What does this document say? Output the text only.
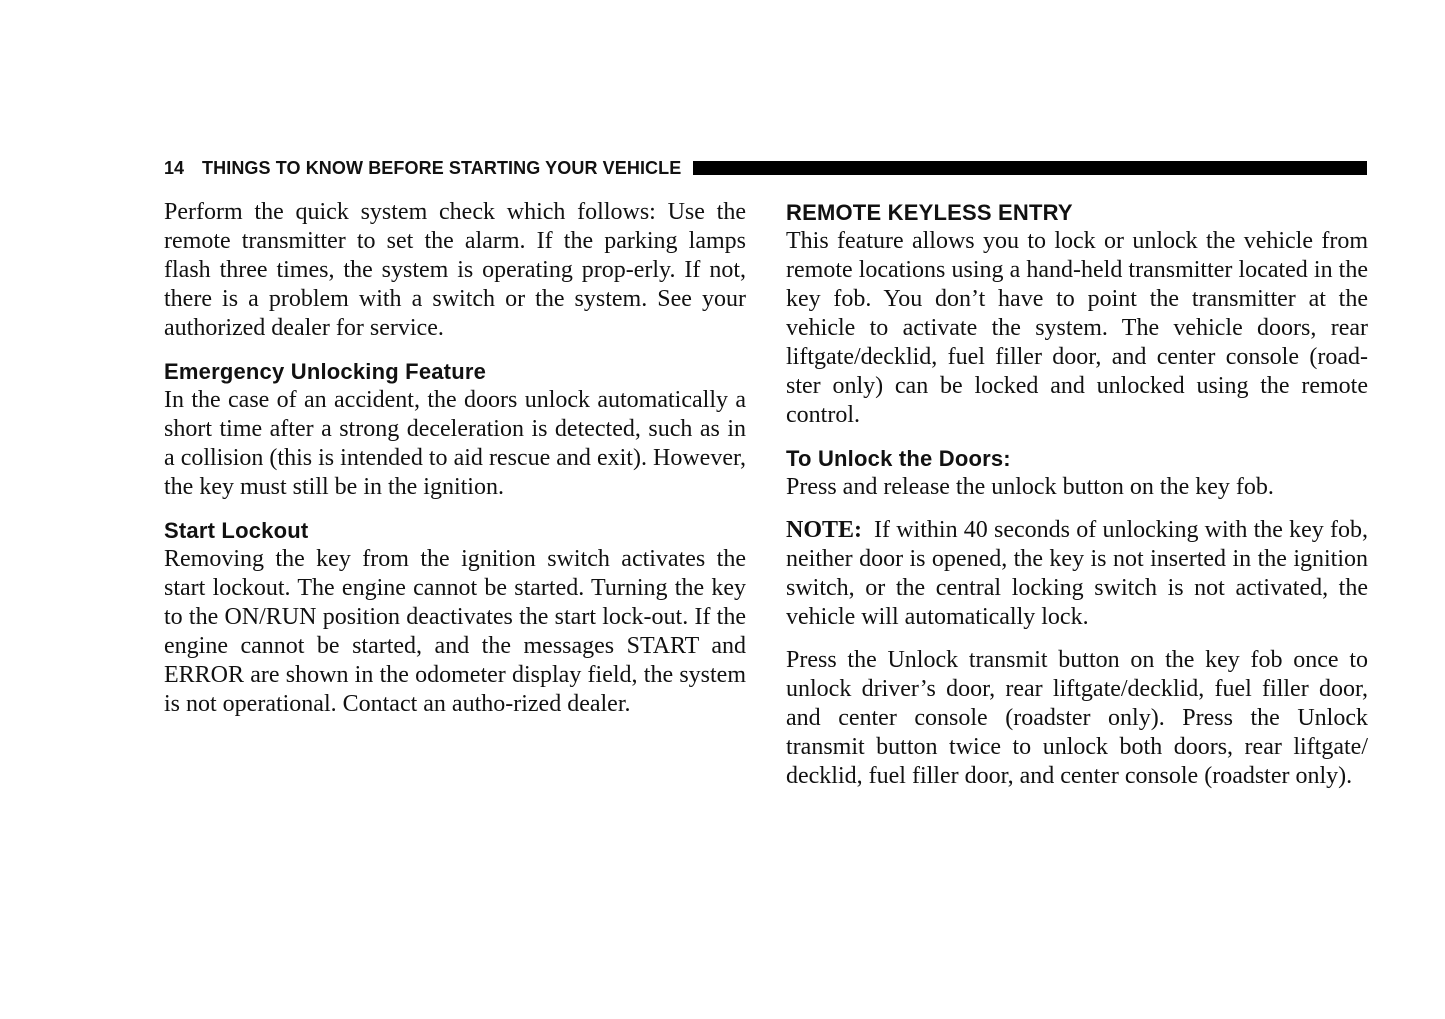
14 THINGS TO KNOW BEFORE STARTING YOUR VEHICLE

Perform the quick system check which follows: Use the remote transmitter to set the alarm. If the parking lamps flash three times, the system is operating prop-erly. If not, there is a problem with a switch or the system. See your authorized dealer for service.

Emergency Unlocking Feature

In the case of an accident, the doors unlock automatically a short time after a strong deceleration is detected, such as in a collision (this is intended to aid rescue and exit). However, the key must still be in the ignition.

Start Lockout

Removing the key from the ignition switch activates the start lockout. The engine cannot be started. Turning the key to the ON/RUN position deactivates the start lock-out. If the engine cannot be started, and the messages START and ERROR are shown in the odometer display field, the system is not operational. Contact an autho-rized dealer.

REMOTE KEYLESS ENTRY

This feature allows you to lock or unlock the vehicle from remote locations using a hand-held transmitter located in the key fob. You don’t have to point the transmitter at the vehicle to activate the system. The vehicle doors, rear liftgate/decklid, fuel filler door, and center console (road-ster only) can be locked and unlocked using the remote control.

To Unlock the Doors:

Press and release the unlock button on the key fob.

NOTE: If within 40 seconds of unlocking with the key fob, neither door is opened, the key is not inserted in the ignition switch, or the central locking switch is not activated, the vehicle will automatically lock.

Press the Unlock transmit button on the key fob once to unlock driver’s door, rear liftgate/decklid, fuel filler door, and center console (roadster only). Press the Unlock transmit button twice to unlock both doors, rear liftgate/ decklid, fuel filler door, and center console (roadster only).
